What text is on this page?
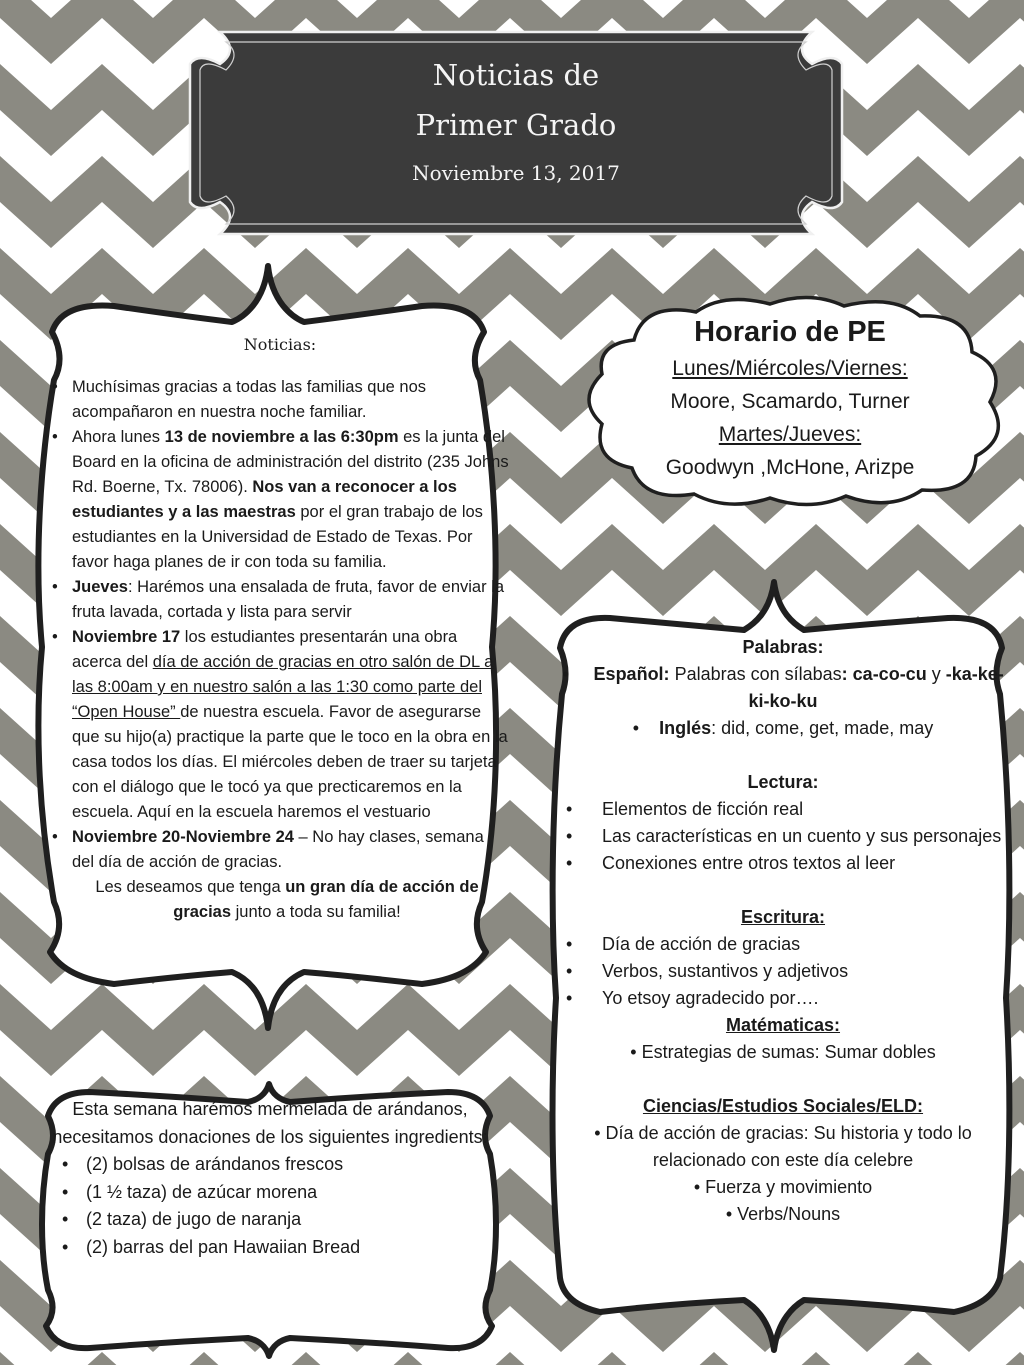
Noticias de
Primer Grado
Noviembre 13, 2017
Noticias:
• Muchísimas gracias a todas las familias que nos acompañaron en nuestra noche familiar.
• Ahora lunes 13 de noviembre a las 6:30pm es la junta del Board en la oficina de administración del distrito (235 Johns Rd. Boerne, Tx. 78006). Nos van a reconocer a los estudiantes y a las maestras por el gran trabajo de los estudiantes en la Universidad de Estado de Texas. Por favor haga planes de ir con toda su familia.
• Jueves: Harémos una ensalada de fruta, favor de enviar la fruta lavada, cortada y lista para servir
• Noviembre 17 los estudiantes presentarán una obra acerca del día de acción de gracias en otro salón de DL a las 8:00am y en nuestro salón a las 1:30 como parte del “Open House” de nuestra escuela. Favor de asegurarse que su hijo(a) practique la parte que le toco en la obra en la casa todos los días. El miércoles deben de traer su tarjeta con el diálogo que le tocó ya que precticaremos en la escuela. Aquí en la escuela haremos el vestuario
• Noviembre 20-Noviembre 24 – No hay clases, semana del día de acción de gracias.
Les deseamos que tenga un gran día de acción de gracias junto a toda su familia!
Horario de PE
Lunes/Miércoles/Viernes:
Moore, Scamardo, Turner
Martes/Jueves:
Goodwyn ,McHone, Arizpe
Palabras:
•     Español: Palabras con sílabas: ca-co-cu y -ka-ke-ki-ko-ku
•    Inglés: did, come, get, made, may
Lectura:
• Elementos de ficción real
• Las características en un cuento y sus personajes
• Conexiones entre otros textos al leer
Escritura:
• Día de acción de gracias
• Verbos, sustantivos y adjetivos
• Yo etsoy agradecido por….
Matématicas:
• Estrategias de sumas: Sumar dobles
Ciencias/Estudios Sociales/ELD:
• Día de acción de gracias: Su historia y todo lo relacionado con este día celebre
• Fuerza y movimiento
• Verbs/Nouns
Esta semana harémos mermelada de arándanos, necesitamos donaciones de los siguientes ingredients:
• (2) bolsas de arándanos frescos
• (1 ½ taza) de azúcar morena
• (2 taza) de jugo de naranja
• (2) barras del pan Hawaiian Bread
